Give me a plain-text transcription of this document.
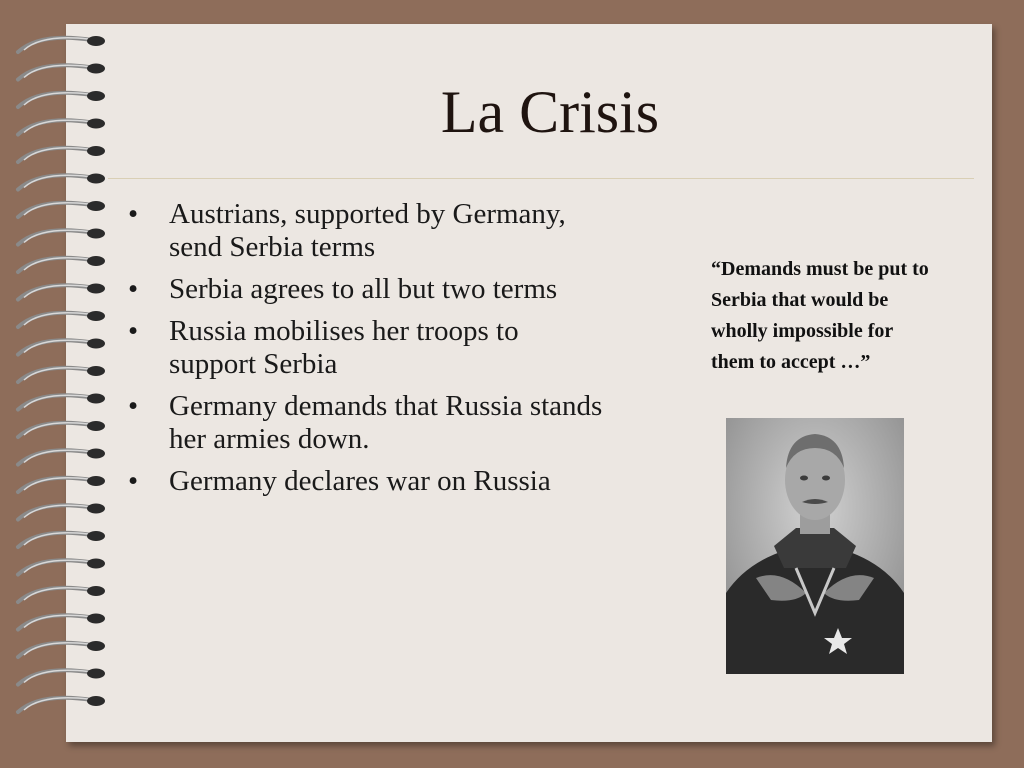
La Crisis
• Austrians, supported by Germany, send Serbia terms
• Serbia agrees to all but two terms
• Russia mobilises her troops to support Serbia
• Germany demands that Russia stands her armies down.
• Germany declares war on Russia
“Demands must be put to Serbia that would be wholly impossible for them to accept …”
